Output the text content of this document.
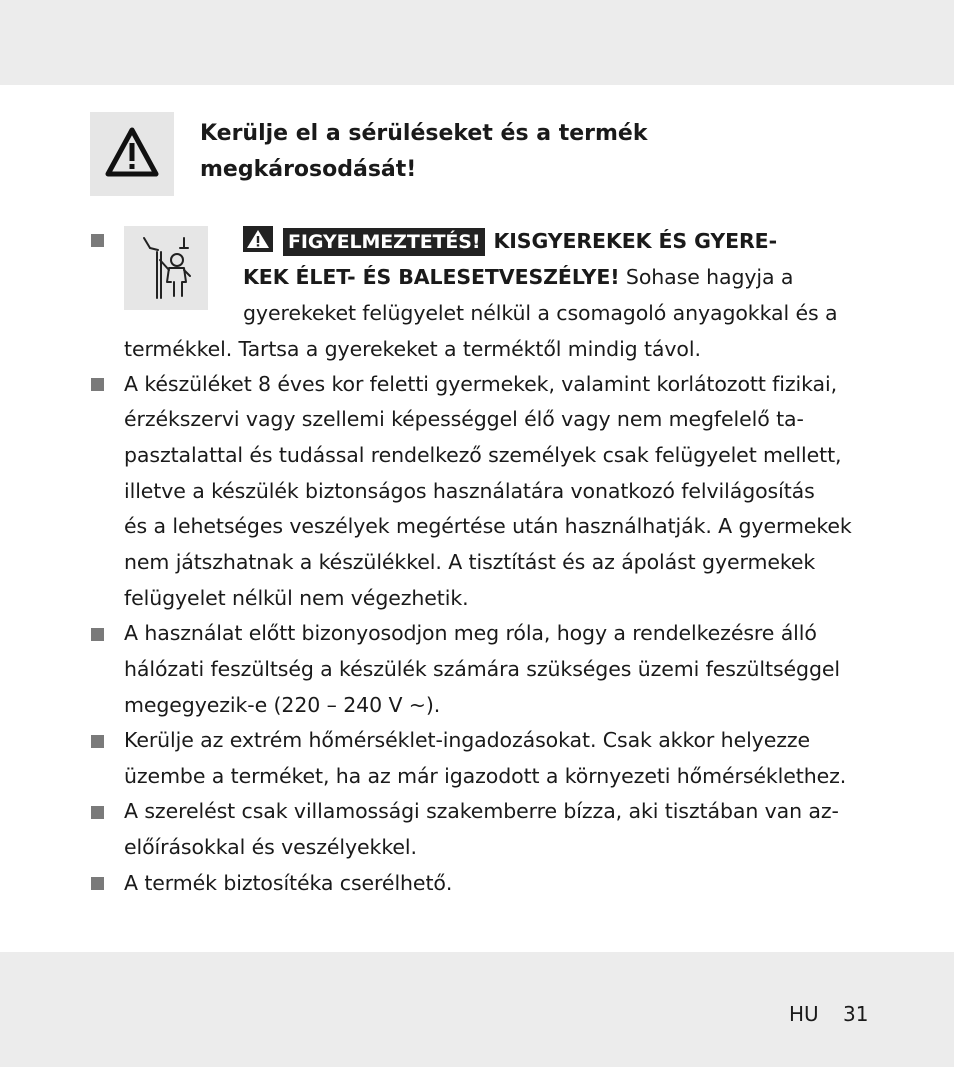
Kerülje el a sérüléseket és a termék
megkárosodását!
FIGYELMEZTETÉS! KISGYEREKEK ÉS GYERE-
KEK ÉLET- ÉS BALESETVESZÉLYE! Sohase hagyja a
gyerekeket felügyelet nélkül a csomagoló anyagokkal és a
termékkel. Tartsa a gyerekeket a terméktől mindig távol.
A készüléket 8 éves kor feletti gyermekek, valamint korlátozott fizikai,
érzékszervi vagy szellemi képességgel élő vagy nem megfelelő ta-
pasztalattal és tudással rendelkező személyek csak felügyelet mellett,
illetve a készülék biztonságos használatára vonatkozó felvilágosítás
és a lehetséges veszélyek megértése után használhatják. A gyermekek
nem játszhatnak a készülékkel. A tisztítást és az ápolást gyermekek
felügyelet nélkül nem végezhetik.
A használat előtt bizonyosodjon meg róla, hogy a rendelkezésre álló
hálózati feszültség a készülék számára szükséges üzemi feszültséggel
megegyezik-e (220 – 240 V ~).
Kerülje az extrém hőmérséklet-ingadozásokat. Csak akkor helyezze
üzembe a terméket, ha az már igazodott a környezeti hőmérséklethez.
A szerelést csak villamossági szakemberre bízza, aki tisztában van az-
előírásokkal és veszélyekkel.
A termék biztosítéka cserélhető.
HU 31
